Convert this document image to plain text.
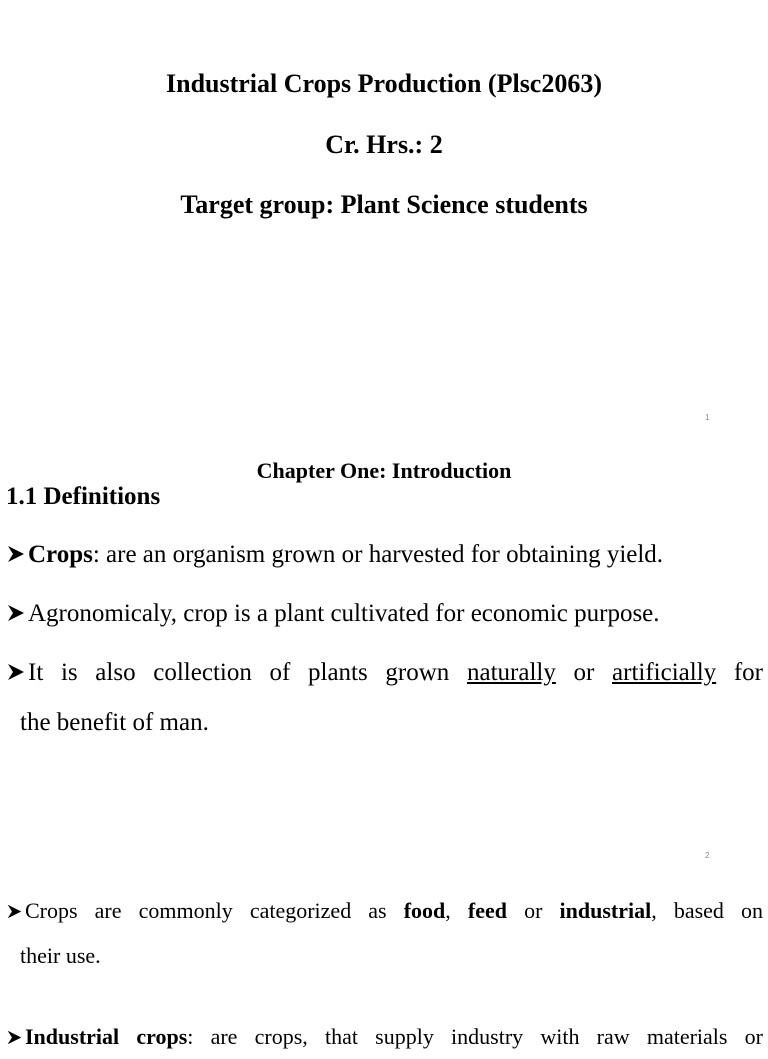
Industrial Crops Production (Plsc2063)
Cr. Hrs.: 2
Target group: Plant Science students
1
Chapter One: Introduction
1.1 Definitions
Crops: are an organism grown or harvested for obtaining yield.
Agronomicaly, crop is a plant cultivated for economic purpose.
It is also collection of plants grown naturally or artificially for
the benefit of man.
2
Crops are commonly categorized as food, feed or industrial, based on
their use.
Industrial crops: are crops, that supply industry with raw materials or
